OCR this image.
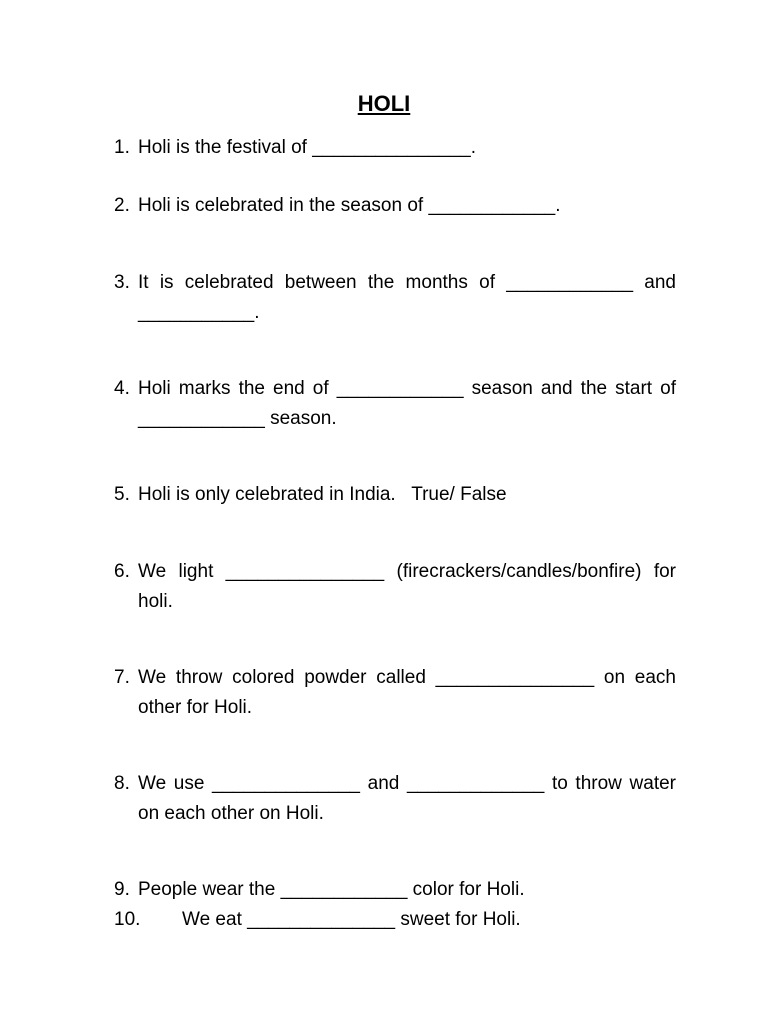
HOLI
1. Holi is the festival of _______________.
2. Holi is celebrated in the season of ____________.
3. It is celebrated between the months of ____________ and ___________.
4. Holi marks the end of ____________ season and the start of ____________ season.
5. Holi is only celebrated in India.   True/ False
6. We light _______________ (firecrackers/candles/bonfire) for holi.
7. We throw colored powder called _______________ on each other for Holi.
8. We use ______________ and _____________ to throw water on each other on Holi.
9. People wear the ____________ color for Holi.
10. We eat ______________ sweet for Holi.
